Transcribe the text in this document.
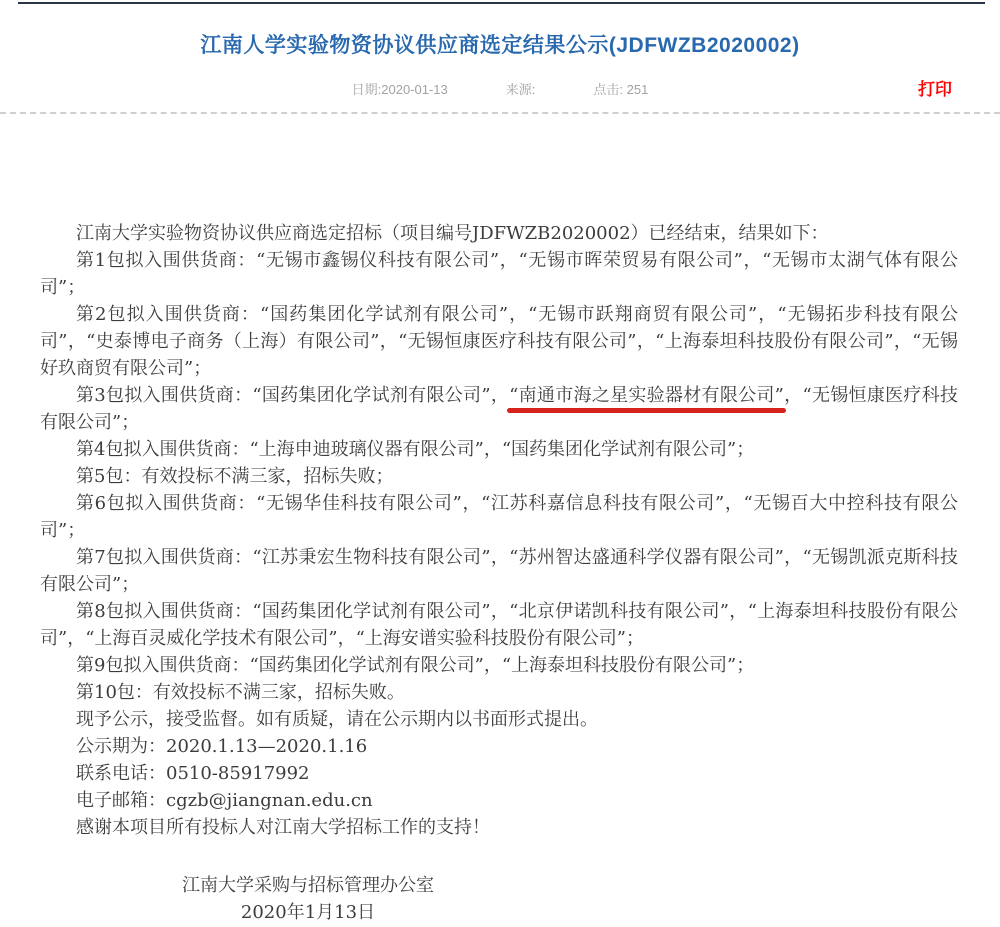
江南人学实验物资协议供应商选定结果公示(JDFWZB2020002)
日期:2020-01-13	来源:	点击: 251	打印

江南大学实验物资协议供应商选定招标（项目编号JDFWZB2020002）已经结束，结果如下：

第1包拟入围供货商：“无锡市鑫锡仪科技有限公司”，“无锡市晖荣贸易有限公司”，“无锡市太湖气体有限公司”；

第2包拟入围供货商：“国药集团化学试剂有限公司”，“无锡市跃翔商贸有限公司”，“无锡拓步科技有限公司”，“史泰博电子商务（上海）有限公司”，“无锡恒康医疗科技有限公司”，“上海泰坦科技股份有限公司”，“无锡好玖商贸有限公司”；

第3包拟入围供货商：“国药集团化学试剂有限公司”，“南通市海之星实验器材有限公司”，“无锡恒康医疗科技有限公司”；

第4包拟入围供货商：“上海申迪玻璃仪器有限公司”，“国药集团化学试剂有限公司”；

第5包：有效投标不满三家，招标失败；

第6包拟入围供货商：“无锡华佳科技有限公司”，“江苏科嘉信息科技有限公司”，“无锡百大中控科技有限公司”；

第7包拟入围供货商：“江苏秉宏生物科技有限公司”，“苏州智达盛通科学仪器有限公司”，“无锡凯派克斯科技有限公司”；

第8包拟入围供货商：“国药集团化学试剂有限公司”，“北京伊诺凯科技有限公司”，“上海泰坦科技股份有限公司”，“上海百灵威化学技术有限公司”，“上海安谱实验科技股份有限公司”；

第9包拟入围供货商：“国药集团化学试剂有限公司”，“上海泰坦科技股份有限公司”；

第10包：有效投标不满三家，招标失败。

现予公示，接受监督。如有质疑，请在公示期内以书面形式提出。

公示期为：2020.1.13—2020.1.16

联系电话：0510-85917992

电子邮箱：cgzb@jiangnan.edu.cn

感谢本项目所有投标人对江南大学招标工作的支持！

江南大学采购与招标管理办公室

2020年1月13日
